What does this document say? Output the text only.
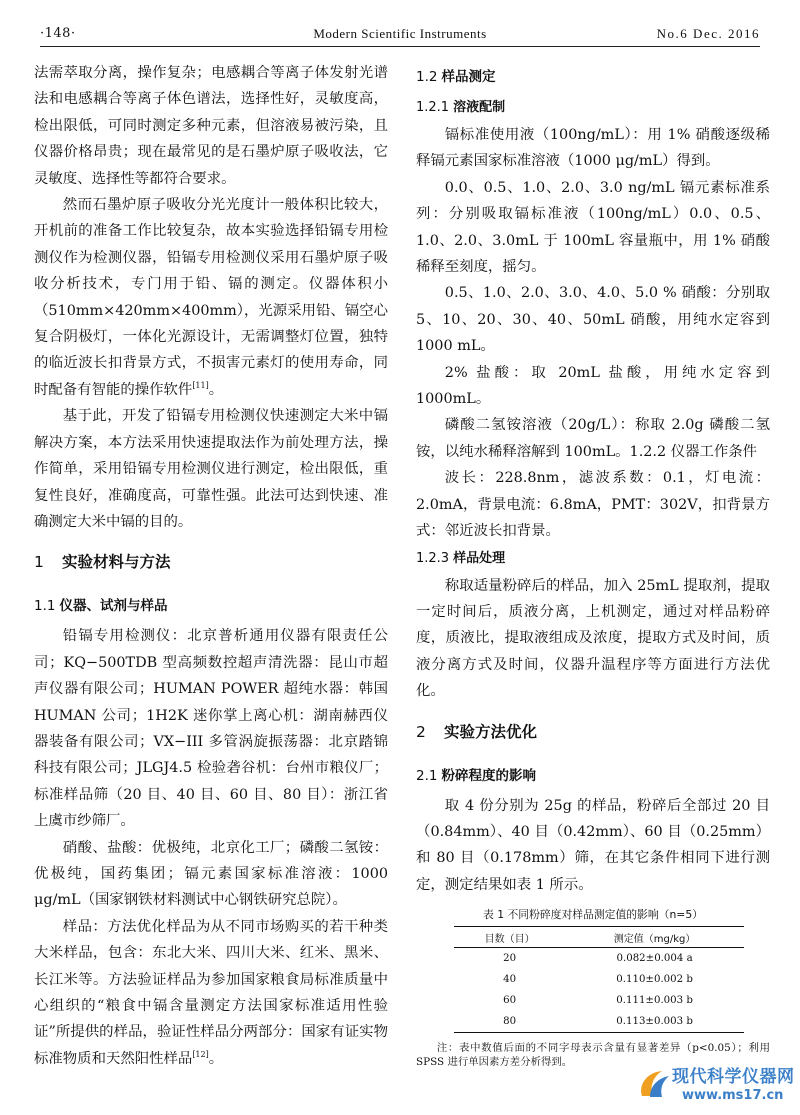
·148·	Modern Scientific Instruments	No.6 Dec. 2016

法需萃取分离，操作复杂；电感耦合等离子体发射光谱法和电感耦合等离子体色谱法，选择性好，灵敏度高，检出限低，可同时测定多种元素，但溶液易被污染，且仪器价格昂贵；现在最常见的是石墨炉原子吸收法，它灵敏度、选择性等都符合要求。

然而石墨炉原子吸收分光光度计一般体积比较大，开机前的准备工作比较复杂，故本实验选择铅镉专用检测仪作为检测仪器，铅镉专用检测仪采用石墨炉原子吸收分析技术，专门用于铅、镉的测定。仪器体积小（510mm×420mm×400mm），光源采用铅、镉空心复合阴极灯，一体化光源设计，无需调整灯位置，独特的临近波长扣背景方式，不损害元素灯的使用寿命，同时配备有智能的操作软件[11]。

基于此，开发了铅镉专用检测仪快速测定大米中镉解决方案，本方法采用快速提取法作为前处理方法，操作简单，采用铅镉专用检测仪进行测定，检出限低，重复性良好，准确度高，可靠性强。此法可达到快速、准确测定大米中镉的目的。

1 实验材料与方法
1.1 仪器、试剂与样品

铅镉专用检测仪：北京普析通用仪器有限责任公司；KQ−500TDB 型高频数控超声清洗器：昆山市超声仪器有限公司；HUMAN POWER 超纯水器：韩国 HUMAN 公司；1H2K 迷你掌上离心机：湖南赫西仪器装备有限公司；VX−III 多管涡旋振荡器：北京踏锦科技有限公司；JLGJ4.5 检验砻谷机：台州市粮仪厂；标准样品筛（20 目、40 目、60 目、80 目）：浙江省上虞市纱筛厂。

硝酸、盐酸：优极纯，北京化工厂；磷酸二氢铵：优极纯，国药集团；镉元素国家标准溶液：1000 μg/mL（国家钢铁材料测试中心钢铁研究总院）。

样品：方法优化样品为从不同市场购买的若干种类大米样品，包含：东北大米、四川大米、红米、黑米、长江米等。方法验证样品为参加国家粮食局标准质量中心组织的“粮食中镉含量测定方法国家标准适用性验证”所提供的样品，验证性样品分两部分：国家有证实物标准物质和天然阳性样品[12]。

1.2 样品测定
1.2.1 溶液配制

镉标准使用液（100ng/mL）：用 1% 硝酸逐级稀释镉元素国家标准溶液（1000 μg/mL）得到。

0.0、0.5、1.0、2.0、3.0 ng/mL 镉元素标准系列：分别吸取镉标准液（100ng/mL）0.0、0.5、1.0、2.0、3.0mL 于 100mL 容量瓶中，用 1% 硝酸稀释至刻度，摇匀。

0.5、1.0、2.0、3.0、4.0、5.0 % 硝酸：分别取 5、10、20、30、40、50mL 硝酸，用纯水定容到 1000 mL。

2% 盐酸：取 20mL 盐酸，用纯水定容到 1000mL。

磷酸二氢铵溶液（20g/L）：称取 2.0g 磷酸二氢铵，以纯水稀释溶解到 100mL。1.2.2 仪器工作条件

波长：228.8nm，滤波系数：0.1，灯电流：2.0mA，背景电流：6.8mA，PMT：302V，扣背景方式：邻近波长扣背景。

1.2.3 样品处理

称取适量粉碎后的样品，加入 25mL 提取剂，提取一定时间后，质液分离，上机测定，通过对样品粉碎度，质液比，提取液组成及浓度，提取方式及时间，质液分离方式及时间，仪器升温程序等方面进行方法优化。

2 实验方法优化
2.1 粉碎程度的影响

取 4 份分别为 25g 的样品，粉碎后全部过 20 目（0.84mm）、40 目（0.42mm）、60 目（0.25mm）和 80 目（0.178mm）筛，在其它条件相同下进行测定，测定结果如表 1 所示。

表 1 不同粉碎度对样品测定值的影响（n=5）
目数（目）	测定值（mg/kg）
20	0.082±0.004 a
40	0.110±0.002 b
60	0.111±0.003 b
80	0.113±0.003 b
注：表中数值后面的不同字母表示含量有显著差异（p<0.05）；利用 SPSS 进行单因素方差分析得到。
现代科学仪器网
www.ms17.cn
